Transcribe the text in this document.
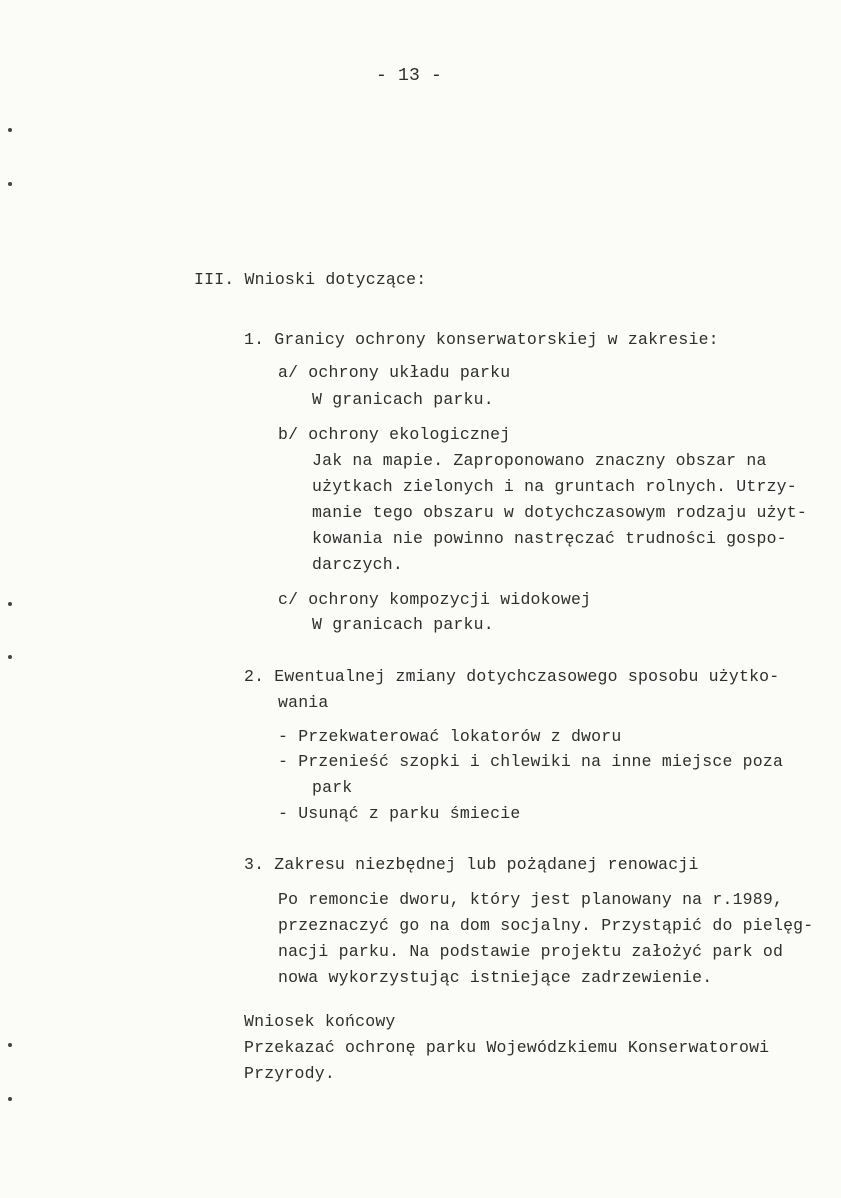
- 13 -
III. Wnioski dotyczące:
1. Granicy ochrony konserwatorskiej w zakresie:
a/ ochrony układu parku
W granicach parku.
b/ ochrony ekologicznej
Jak na mapie. Zaproponowano znaczny obszar na
użytkach zielonych i na gruntach rolnych. Utrzy-
manie tego obszaru w dotychczasowym rodzaju użyt-
kowania nie powinno nastręczać trudności gospo-
darczych.
c/ ochrony kompozycji widokowej
W granicach parku.
2. Ewentualnej zmiany dotychczasowego sposobu użytko-
wania
- Przekwaterować lokatorów z dworu
- Przenieść szopki i chlewiki na inne miejsce poza
park
- Usunąć z parku śmiecie
3. Zakresu niezbędnej lub pożądanej renowacji
Po remoncie dworu, który jest planowany na r.1989,
przeznaczyć go na dom socjalny. Przystąpić do pielęg-
nacji parku. Na podstawie projektu założyć park od
nowa wykorzystując istniejące zadrzewienie.
Wniosek końcowy
Przekazać ochronę parku Wojewódzkiemu Konserwatorowi
Przyrody.
